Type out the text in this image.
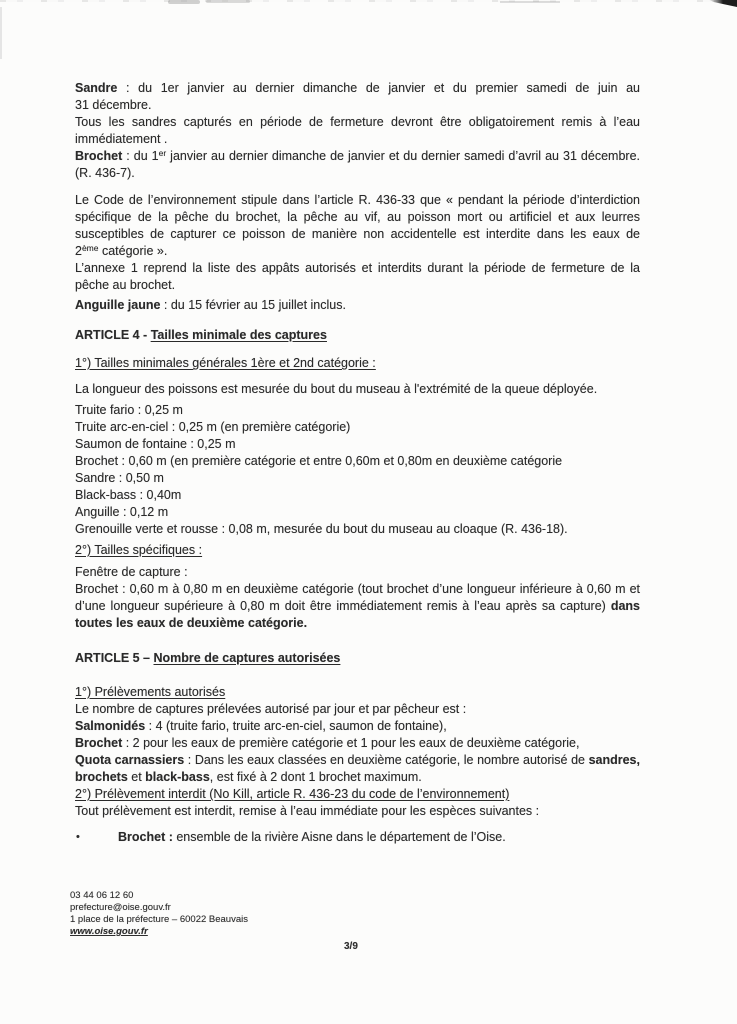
Sandre : du 1er janvier au dernier dimanche de janvier et du premier samedi de juin au
31 décembre.
Tous les sandres capturés en période de fermeture devront être obligatoirement remis à l’eau
immédiatement .
Brochet : du 1er janvier au dernier dimanche de janvier et du dernier samedi d’avril au 31 décembre.
(R. 436-7).
Le Code de l’environnement stipule dans l’article R. 436-33 que « pendant la période d’interdiction
spécifique de la pêche du brochet, la pêche au vif, au poisson mort ou artificiel et aux leurres
susceptibles de capturer ce poisson de manière non accidentelle est interdite dans les eaux de
2ème catégorie ».
L’annexe 1 reprend la liste des appâts autorisés et interdits durant la période de fermeture de la
pêche au brochet.
Anguille jaune : du 15 février au 15 juillet inclus.
ARTICLE 4 - Tailles minimale des captures
1°) Tailles minimales générales 1ère et 2nd catégorie :
La longueur des poissons est mesurée du bout du museau à l'extrémité de la queue déployée.
Truite fario : 0,25 m
Truite arc-en-ciel : 0,25 m (en première catégorie)
Saumon de fontaine : 0,25 m
Brochet : 0,60 m (en première catégorie et entre 0,60m et 0,80m en deuxième catégorie
Sandre : 0,50 m
Black-bass : 0,40m
Anguille : 0,12 m
Grenouille verte et rousse : 0,08 m, mesurée du bout du museau au cloaque (R. 436-18).
2°) Tailles spécifiques :
Fenêtre de capture :
Brochet : 0,60 m à 0,80 m en deuxième catégorie (tout brochet d’une longueur inférieure à 0,60 m et
d’une longueur supérieure à 0,80 m doit être immédiatement remis à l’eau après sa capture) dans
toutes les eaux de deuxième catégorie.
ARTICLE 5 – Nombre de captures autorisées
1°) Prélèvements autorisés
Le nombre de captures prélevées autorisé par jour et par pêcheur est :
Salmonidés : 4 (truite fario, truite arc-en-ciel, saumon de fontaine),
Brochet : 2 pour les eaux de première catégorie et 1 pour les eaux de deuxième catégorie,
Quota carnassiers : Dans les eaux classées en deuxième catégorie, le nombre autorisé de sandres,
brochets et black-bass, est fixé à 2 dont 1 brochet maximum.
2°) Prélèvement interdit (No Kill, article R. 436-23 du code de l’environnement)
Tout prélèvement est interdit, remise à l’eau immédiate pour les espèces suivantes :
•	Brochet : ensemble de la rivière Aisne dans le département de l’Oise.
03 44 06 12 60
prefecture@oise.gouv.fr
1 place de la préfecture – 60022 Beauvais
www.oise.gouv.fr
3/9
